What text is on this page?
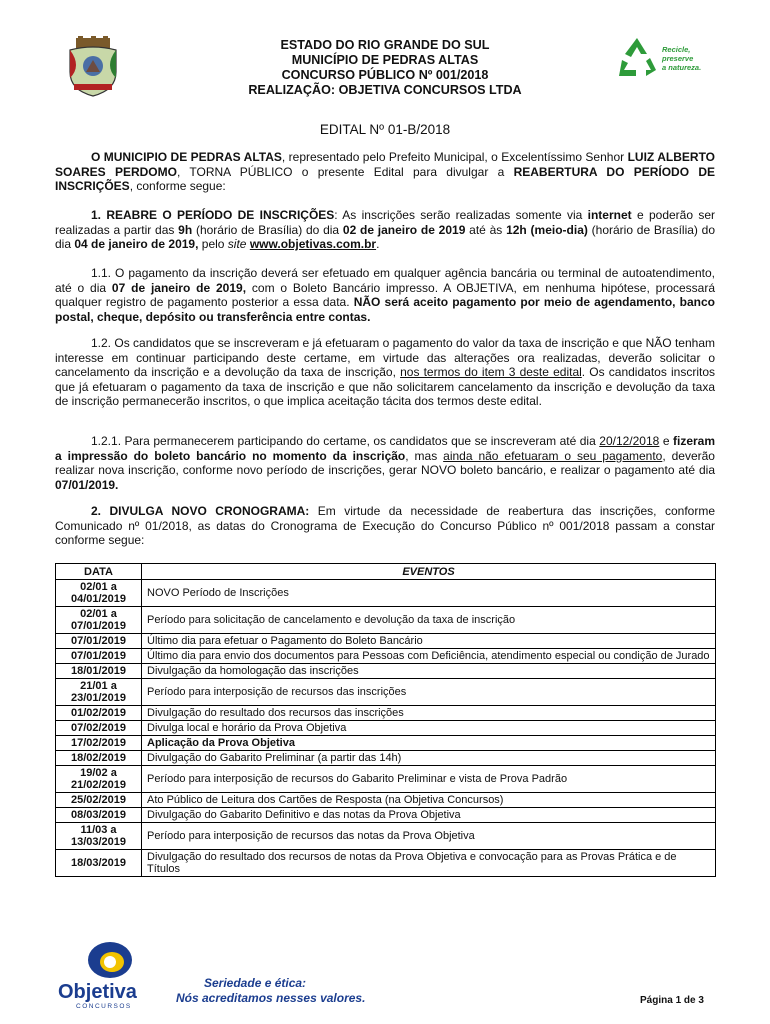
ESTADO DO RIO GRANDE DO SUL
MUNICÍPIO DE PEDRAS ALTAS
CONCURSO PÚBLICO Nº 001/2018
REALIZAÇÃO: OBJETIVA CONCURSOS LTDA
Recicle,
preserve
a natureza.
EDITAL Nº 01-B/2018
O MUNICIPIO DE PEDRAS ALTAS, representado pelo Prefeito Municipal, o Excelentíssimo Senhor LUIZ ALBERTO SOARES PERDOMO, TORNA PÚBLICO o presente Edital para divulgar a REABERTURA DO PERÍODO DE INSCRIÇÕES, conforme segue:
1. REABRE O PERÍODO DE INSCRIÇÕES: As inscrições serão realizadas somente via internet e poderão ser realizadas a partir das 9h (horário de Brasília) do dia 02 de janeiro de 2019 até às 12h (meio-dia) (horário de Brasília) do dia 04 de janeiro de 2019, pelo site www.objetivas.com.br.
1.1. O pagamento da inscrição deverá ser efetuado em qualquer agência bancária ou terminal de autoatendimento, até o dia 07 de janeiro de 2019, com o Boleto Bancário impresso. A OBJETIVA, em nenhuma hipótese, processará qualquer registro de pagamento posterior a essa data. NÃO será aceito pagamento por meio de agendamento, banco postal, cheque, depósito ou transferência entre contas.
1.2. Os candidatos que se inscreveram e já efetuaram o pagamento do valor da taxa de inscrição e que NÃO tenham interesse em continuar participando deste certame, em virtude das alterações ora realizadas, deverão solicitar o cancelamento da inscrição e a devolução da taxa de inscrição, nos termos do item 3 deste edital. Os candidatos inscritos que já efetuaram o pagamento da taxa de inscrição e que não solicitarem cancelamento da inscrição e devolução da taxa de inscrição permanecerão inscritos, o que implica aceitação tácita dos termos deste edital.
1.2.1. Para permanecerem participando do certame, os candidatos que se inscreveram até dia 20/12/2018 e fizeram a impressão do boleto bancário no momento da inscrição, mas ainda não efetuaram o seu pagamento, deverão realizar nova inscrição, conforme novo período de inscrições, gerar NOVO boleto bancário, e realizar o pagamento até dia 07/01/2019.
2. DIVULGA NOVO CRONOGRAMA: Em virtude da necessidade de reabertura das inscrições, conforme Comunicado nº 01/2018, as datas do Cronograma de Execução do Concurso Público nº 001/2018 passam a constar conforme segue:
DATA	EVENTOS
02/01 a
04/01/2019	NOVO Período de Inscrições
02/01 a
07/01/2019	Período para solicitação de cancelamento e devolução da taxa de inscrição
07/01/2019	Último dia para efetuar o Pagamento do Boleto Bancário
07/01/2019	Último dia para envio dos documentos para Pessoas com Deficiência, atendimento especial ou condição de Jurado
18/01/2019	Divulgação da homologação das inscrições
21/01 a
23/01/2019	Período para interposição de recursos das inscrições
01/02/2019	Divulgação do resultado dos recursos das inscrições
07/02/2019	Divulga local e horário da Prova Objetiva
17/02/2019	Aplicação da Prova Objetiva
18/02/2019	Divulgação do Gabarito Preliminar (a partir das 14h)
19/02 a
21/02/2019	Período para interposição de recursos do Gabarito Preliminar e vista de Prova Padrão
25/02/2019	Ato Público de Leitura dos Cartões de Resposta (na Objetiva Concursos)
08/03/2019	Divulgação do Gabarito Definitivo e das notas da Prova Objetiva
11/03 a
13/03/2019	Período para interposição de recursos das notas da Prova Objetiva
18/03/2019	Divulgação do resultado dos recursos de notas da Prova Objetiva e convocação para as Provas Prática e de Títulos
Objetiva
CONCURSOS
Seriedade e ética:
Nós acreditamos nesses valores.	Página 1 de 3
